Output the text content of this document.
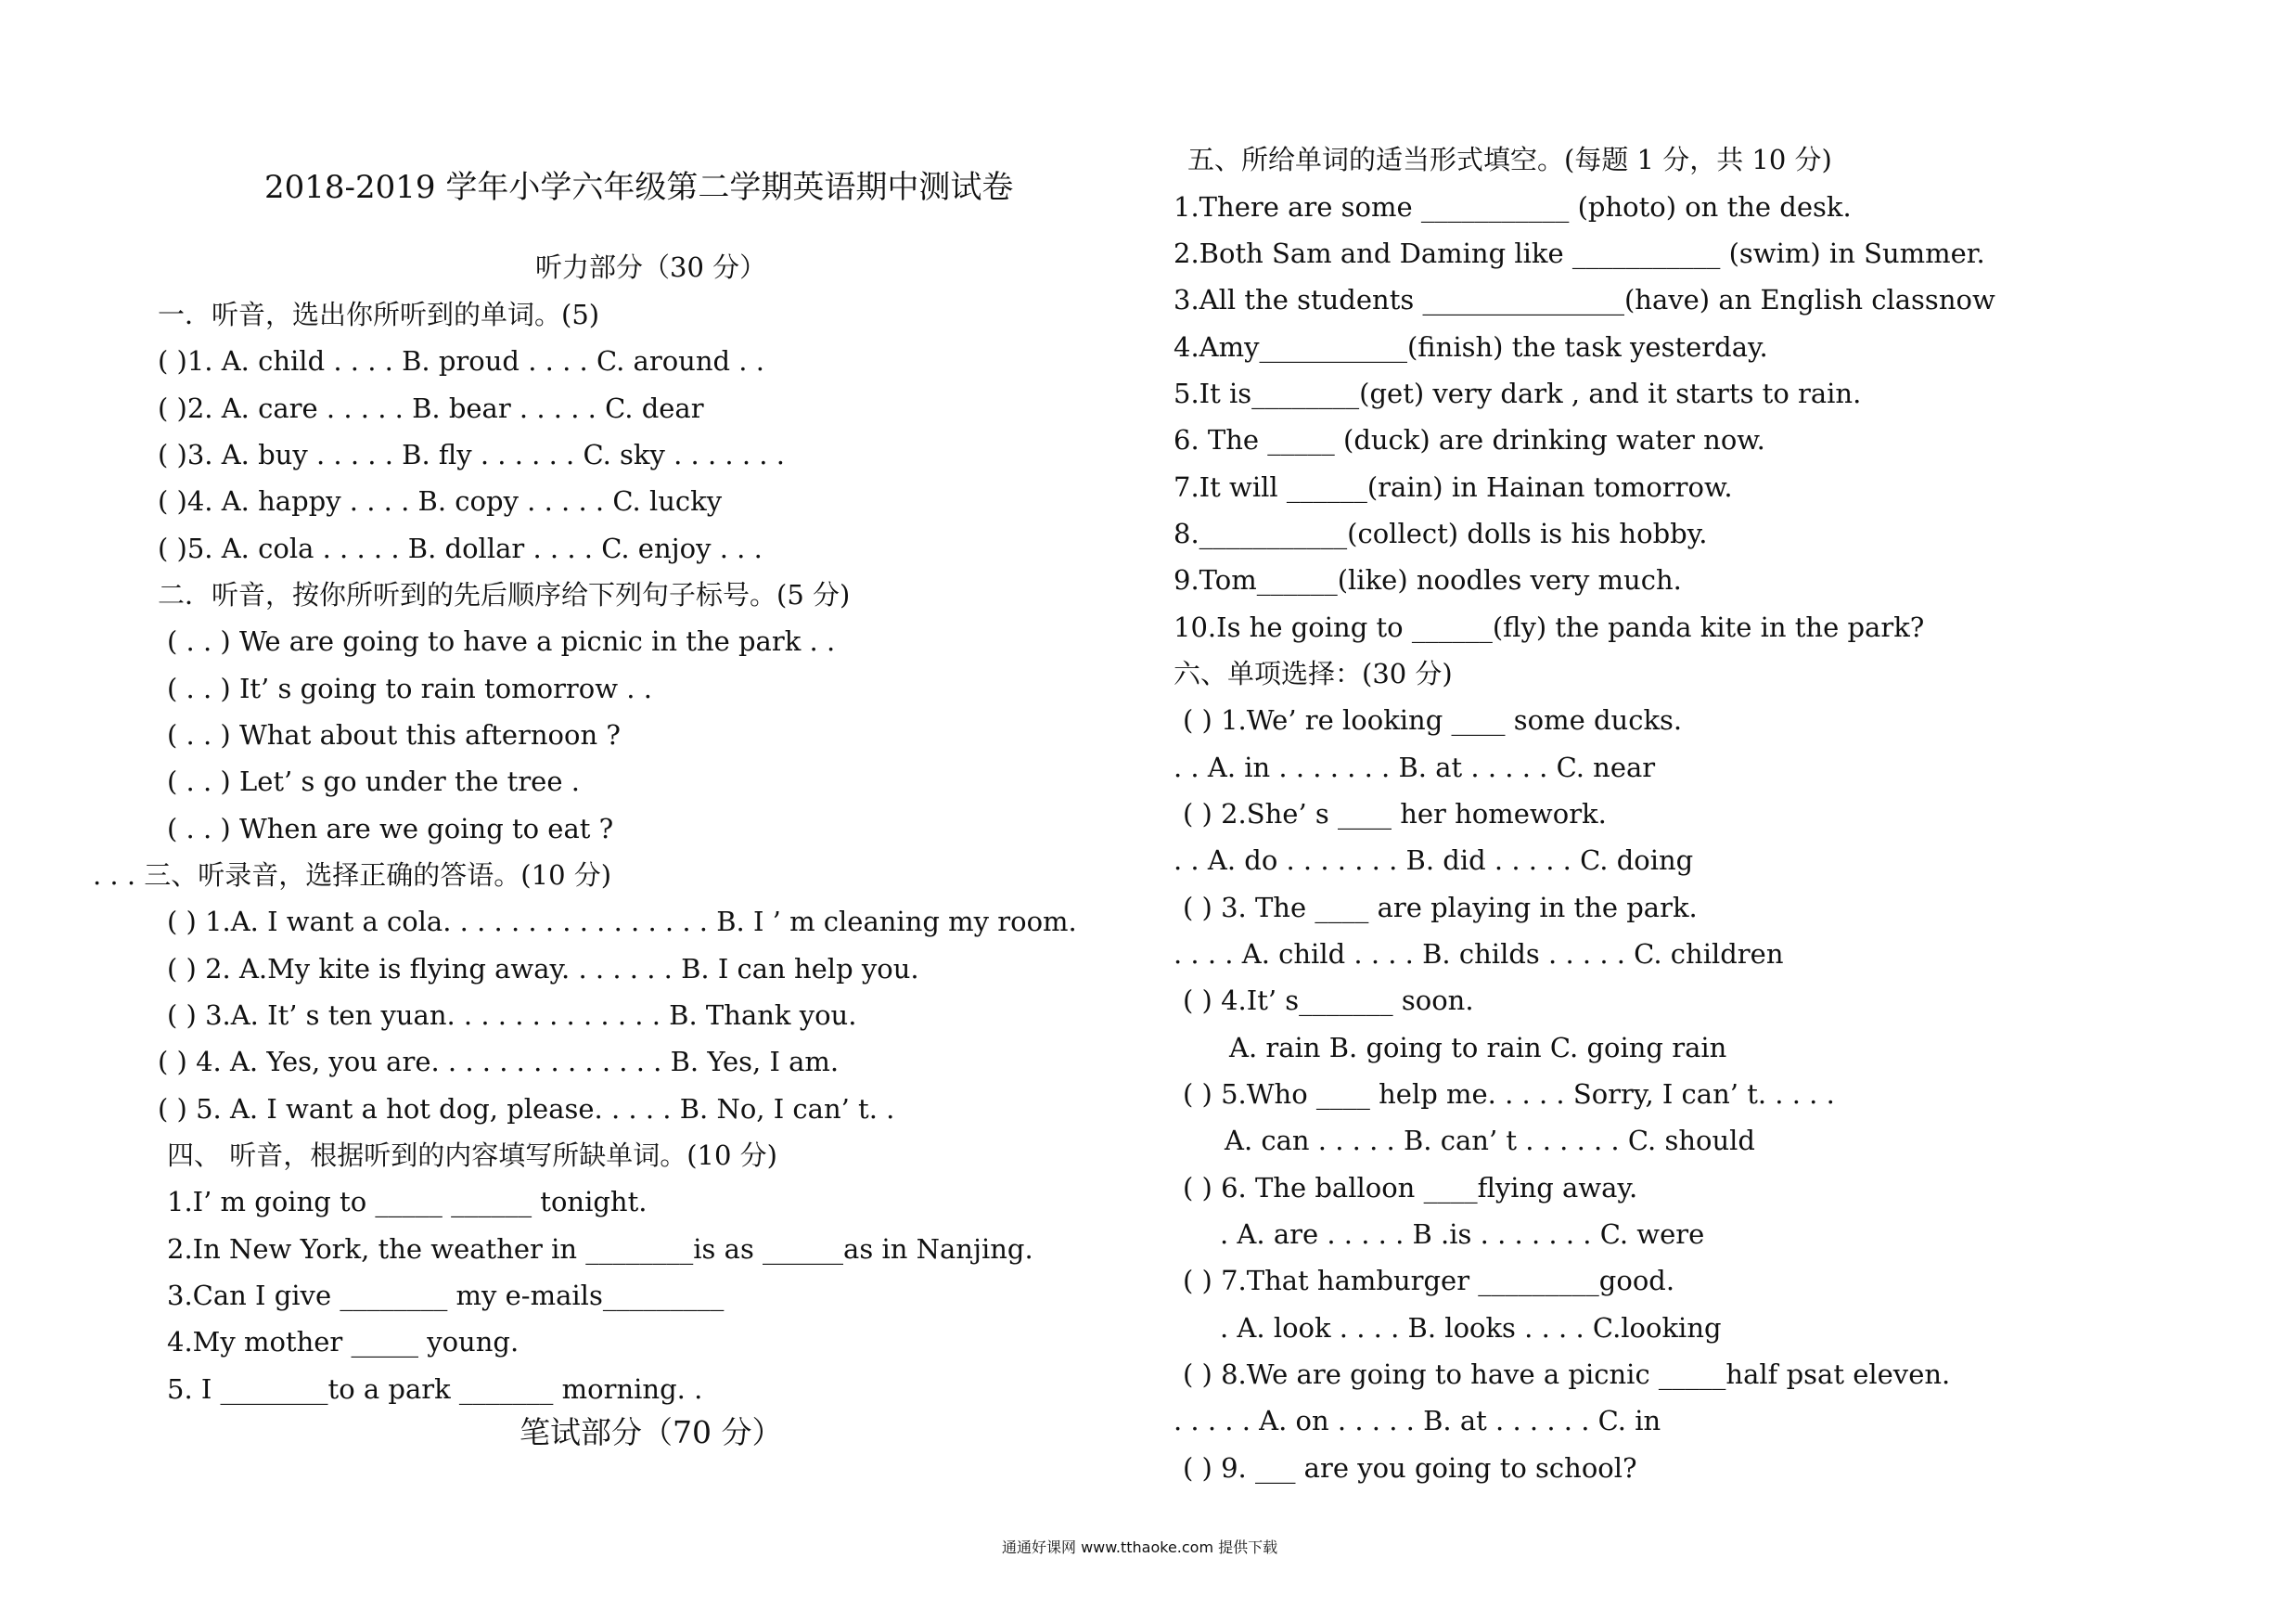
2018-2019 学年小学六年级第二学期英语期中测试卷
听力部分（30 分）
一．听音，选出你所听到的单词。(5)
( )1. A. child . . . . B. proud . . . . C. around . .
( )2. A. care . . . . . B. bear . . . . . C. dear
( )3. A. buy . . . . . B. fly . . . . . . C. sky . . . . . . .
( )4. A. happy . . . . B. copy . . . . . C. lucky
( )5. A. cola . . . . . B. dollar . . . . C. enjoy . . .
二．听音，按你所听到的先后顺序给下列句子标号。(5 分)
( . . ) We are going to have a picnic in the park . .
( . . ) It’ s going to rain tomorrow . .
( . . ) What about this afternoon ?
( . . ) Let’ s go under the tree .
( . . ) When are we going to eat ?
. . . 三、听录音，选择正确的答语。(10 分)
( ) 1.A. I want a cola. . . . . . . . . . . . . . . . B. I ’ m cleaning my room.
( ) 2. A.My kite is flying away. . . . . . . B. I can help you.
( ) 3.A. It’ s ten yuan. . . . . . . . . . . . . B. Thank you.
( ) 4. A. Yes, you are. . . . . . . . . . . . . . B. Yes, I am.
( ) 5. A. I want a hot dog, please. . . . . B. No, I can’ t. .
四、 听音，根据听到的内容填写所缺单词。(10 分)
1.I’ m going to _____ ______ tonight.
2.In New York, the weather in ________is as ______as in Nanjing.
3.Can I give ________ my e-mails_________
4.My mother _____ young.
5. I ________to a park _______ morning. .
笔试部分（70 分）
五、所给单词的适当形式填空。(每题 1 分，共 10 分)
1.There are some ___________ (photo) on the desk.
2.Both Sam and Daming like ___________ (swim) in Summer.
3.All the students _______________(have) an English classnow
4.Amy___________(finish) the task yesterday.
5.It is________(get) very dark , and it starts to rain.
6. The _____ (duck) are drinking water now.
7.It will ______(rain) in Hainan tomorrow.
8.___________(collect) dolls is his hobby.
9.Tom______(like) noodles very much.
10.Is he going to ______(fly) the panda kite in the park?
六、单项选择：(30 分)
( ) 1.We’ re looking ____ some ducks.
. . A. in . . . . . . . B. at . . . . . C. near
( ) 2.She’ s ____ her homework.
. . A. do . . . . . . . B. did . . . . . C. doing
( ) 3. The ____ are playing in the park.
. . . . A. child . . . . B. childs . . . . . C. children
( ) 4.It’ s_______ soon.
A. rain B. going to rain C. going rain
( ) 5.Who ____ help me. . . . . Sorry, I can’ t. . . . .
A. can . . . . . B. can’ t . . . . . . C. should
( ) 6. The balloon ____flying away.
. A. are . . . . . B .is . . . . . . . C. were
( ) 7.That hamburger _________good.
. A. look . . . . B. looks . . . . C.looking
( ) 8.We are going to have a picnic _____half psat eleven.
. . . . . A. on . . . . . B. at . . . . . . C. in
( ) 9. ___ are you going to school?
通通好课网 www.tthaoke.com 提供下载
